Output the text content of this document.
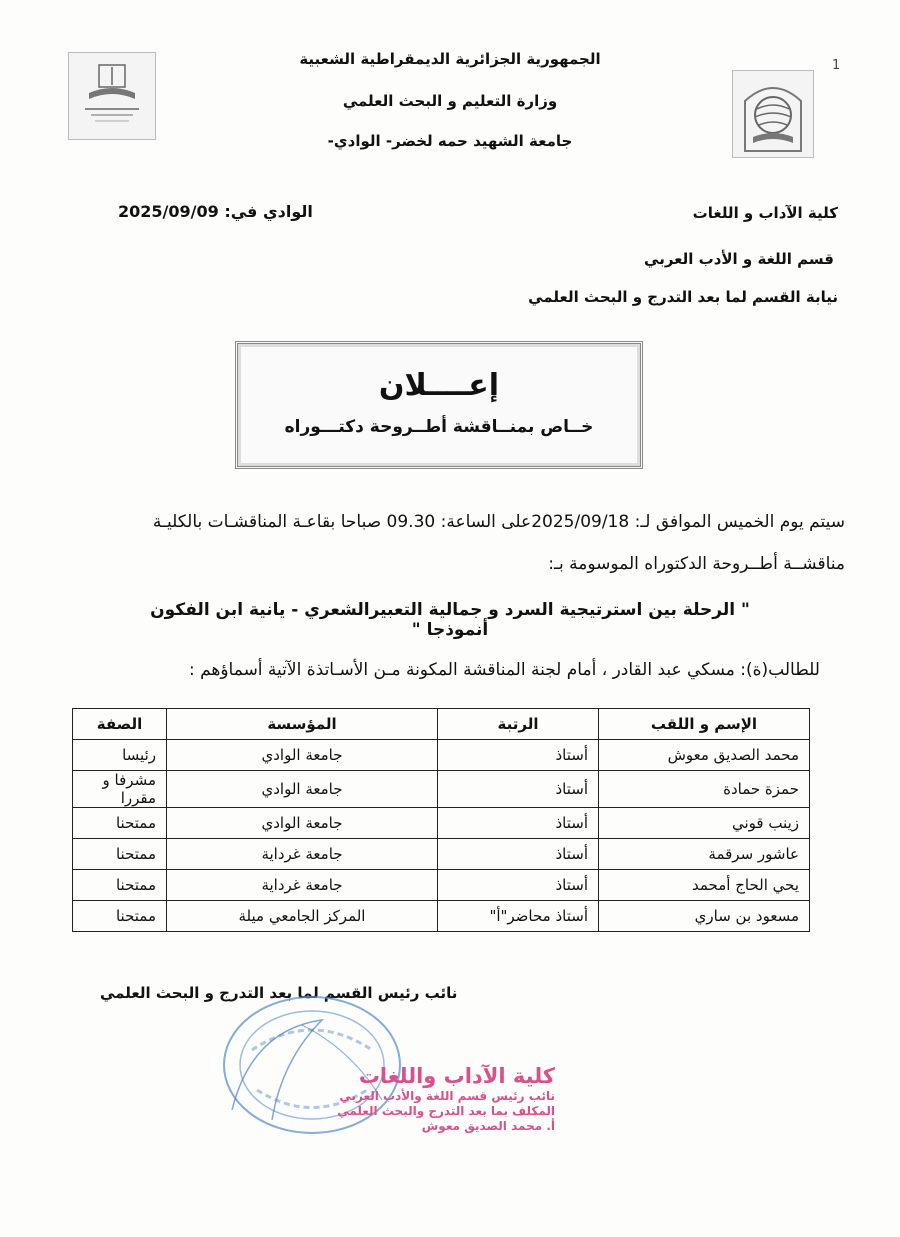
1
الجمهورية الجزائرية الديمقراطية الشعبية
وزارة التعليم و البحث العلمي
جامعة الشهيد حمه لخضر- الوادي-
الوادي في: 2025/09/09	كلية الآداب و اللغات
قسم اللغة و الأدب العربي
نيابة القسم لما بعد التدرج و البحث العلمي
إعــــلان
خــاص بمنــاقشة أطــروحة دكتـــوراه
سيتم يوم الخميس الموافق لـ: 2025/09/18على الساعة: 09.30 صباحا بقاعـة المناقشـات بالكليـة
مناقشــة أطــروحة الدكتوراه الموسومة بـ:
" الرحلة بين استرتيجية السرد و جمالية التعبيرالشعري - يانية ابن الفكون أنموذجا "
للطالب(ة): مسكي عبد القادر ، أمام لجنة المناقشة المكونة مـن الأسـاتذة الآتية أسماؤهم :
الإسم و اللقب	الرتبة	المؤسسة	الصفة
محمد الصديق معوش	أستاذ	جامعة الوادي	رئيسا
حمزة حمادة	أستاذ	جامعة الوادي	مشرفا و مقررا
زينب قوني	أستاذ	جامعة الوادي	ممتحنا
عاشور سرقمة	أستاذ	جامعة غرداية	ممتحنا
يحي الحاج أمحمد	أستاذ	جامعة غرداية	ممتحنا
مسعود بن ساري	أستاذ محاضر"أ"	المركز الجامعي ميلة	ممتحنا
نائب رئيس القسم لما بعد التدرج و البحث العلمي
كلية الآداب واللغات
نائب رئيس قسم اللغة والأدب العربي
المكلف بما بعد التدرج والبحث العلمي
أ. محمد الصديق معوش
